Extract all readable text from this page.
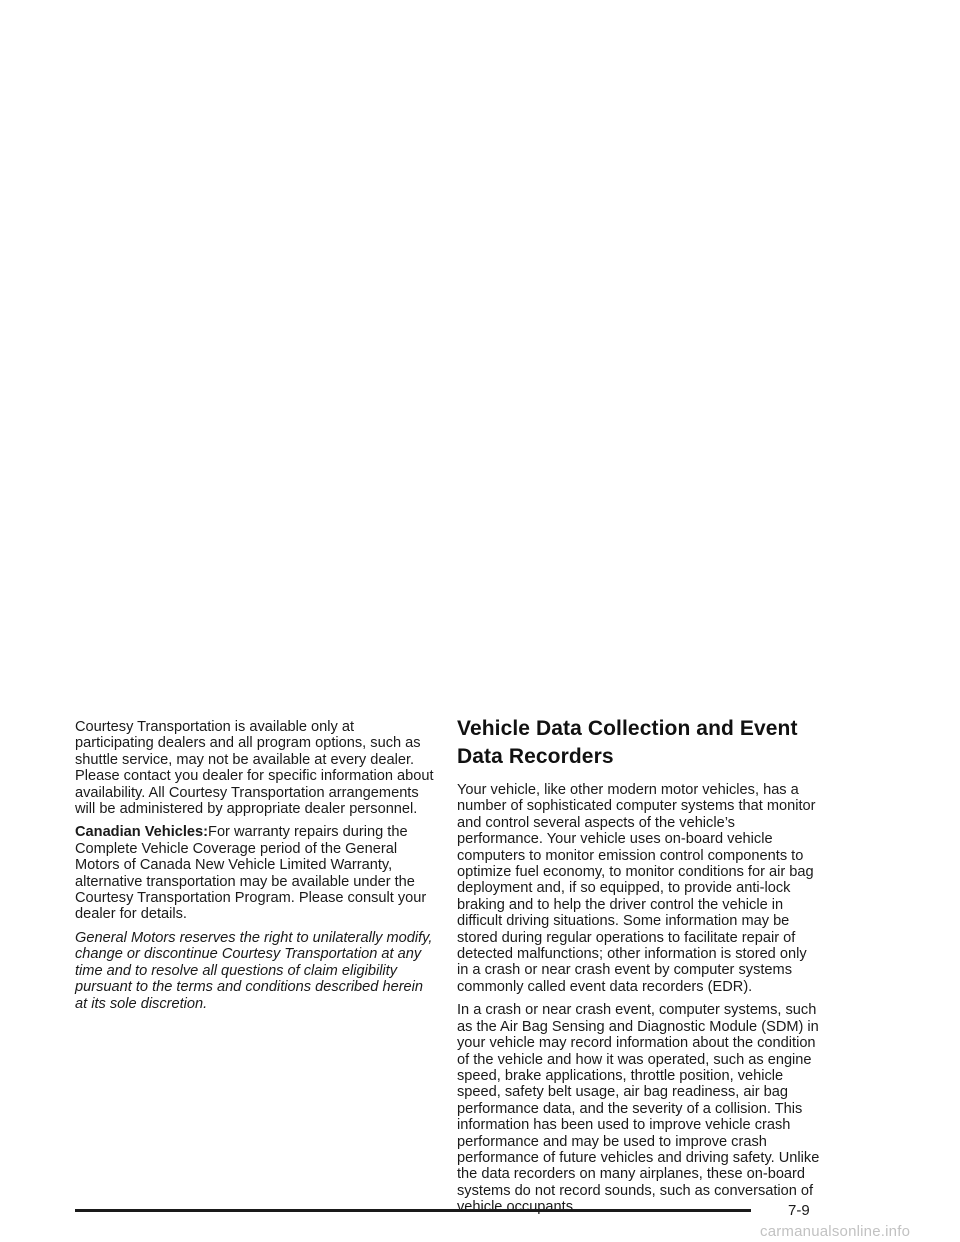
Courtesy Transportation is available only at participating dealers and all program options, such as shuttle service, may not be available at every dealer. Please contact you dealer for specific information about availability. All Courtesy Transportation arrangements will be administered by appropriate dealer personnel.

Canadian Vehicles:For warranty repairs during the Complete Vehicle Coverage period of the General Motors of Canada New Vehicle Limited Warranty, alternative transportation may be available under the Courtesy Transportation Program. Please consult your dealer for details.

General Motors reserves the right to unilaterally modify, change or discontinue Courtesy Transportation at any time and to resolve all questions of claim eligibility pursuant to the terms and conditions described herein at its sole discretion.

Vehicle Data Collection and Event Data Recorders

Your vehicle, like other modern motor vehicles, has a number of sophisticated computer systems that monitor and control several aspects of the vehicle’s performance. Your vehicle uses on-board vehicle computers to monitor emission control components to optimize fuel economy, to monitor conditions for air bag deployment and, if so equipped, to provide anti-lock braking and to help the driver control the vehicle in difficult driving situations. Some information may be stored during regular operations to facilitate repair of detected malfunctions; other information is stored only in a crash or near crash event by computer systems commonly called event data recorders (EDR).

In a crash or near crash event, computer systems, such as the Air Bag Sensing and Diagnostic Module (SDM) in your vehicle may record information about the condition of the vehicle and how it was operated, such as engine speed, brake applications, throttle position, vehicle speed, safety belt usage, air bag readiness, air bag performance data, and the severity of a collision. This information has been used to improve vehicle crash performance and may be used to improve crash performance of future vehicles and driving safety. Unlike the data recorders on many airplanes, these on-board systems do not record sounds, such as conversation of vehicle occupants.	7-9
carmanualsonline.info
